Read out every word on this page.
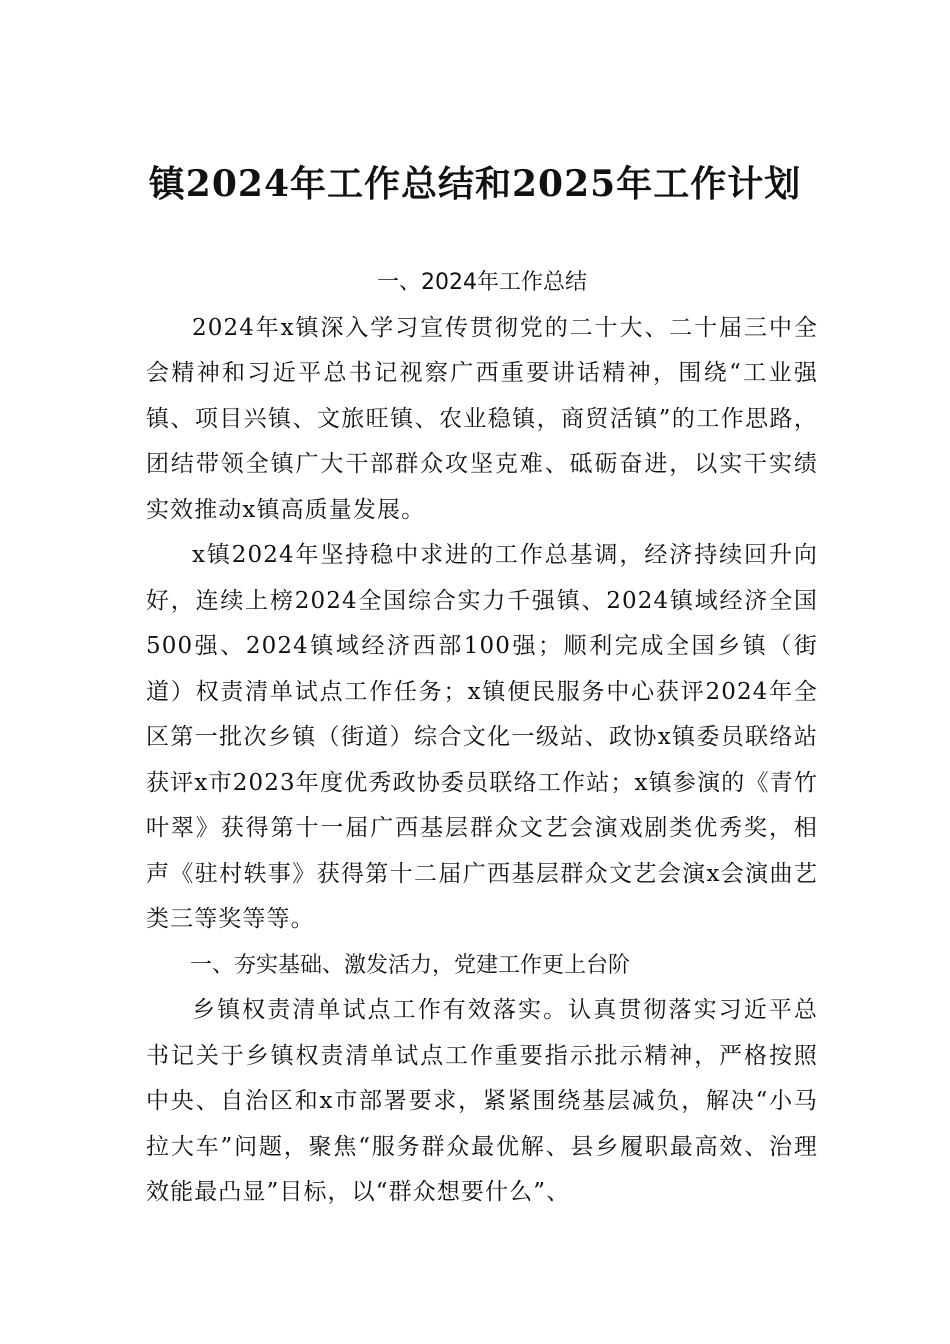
镇2024年工作总结和2025年工作计划
一、2024年工作总结

2024年x镇深入学习宣传贯彻党的二十大、二十届三中全会精神和习近平总书记视察广西重要讲话精神，围绕“工业强镇、项目兴镇、文旅旺镇、农业稳镇，商贸活镇”的工作思路，团结带领全镇广大干部群众攻坚克难、砥砺奋进，以实干实绩实效推动x镇高质量发展。

x镇2024年坚持稳中求进的工作总基调，经济持续回升向好，连续上榜2024全国综合实力千强镇、2024镇域经济全国500强、2024镇域经济西部100强；顺利完成全国乡镇（街道）权责清单试点工作任务；x镇便民服务中心获评2024年全区第一批次乡镇（街道）综合文化一级站、政协x镇委员联络站获评x市2023年度优秀政协委员联络工作站；x镇参演的《青竹叶翠》获得第十一届广西基层群众文艺会演戏剧类优秀奖，相声《驻村轶事》获得第十二届广西基层群众文艺会演x会演曲艺类三等奖等等。

一、夯实基础、激发活力，党建工作更上台阶

乡镇权责清单试点工作有效落实。认真贯彻落实习近平总书记关于乡镇权责清单试点工作重要指示批示精神，严格按照中央、自治区和x市部署要求，紧紧围绕基层减负，解决“小马拉大车”问题，聚焦“服务群众最优解、县乡履职最高效、治理效能最凸显”目标，以“群众想要什么”、
